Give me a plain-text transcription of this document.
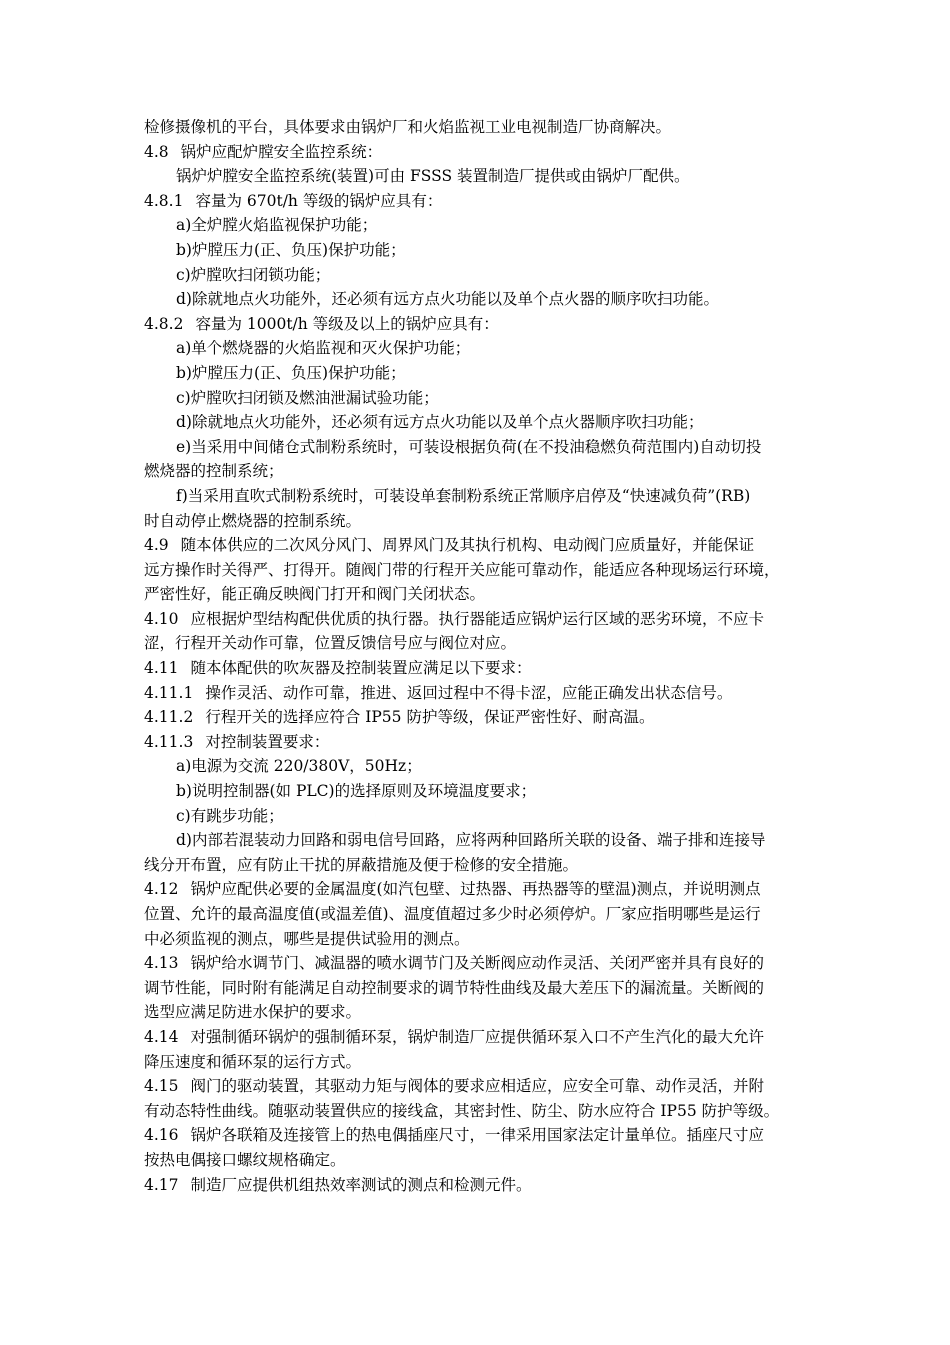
检修摄像机的平台，具体要求由锅炉厂和火焰监视工业电视制造厂协商解决。
4.8 锅炉应配炉膛安全监控系统：
锅炉炉膛安全监控系统(装置)可由 FSSS 装置制造厂提供或由锅炉厂配供。
4.8.1 容量为 670t/h 等级的锅炉应具有：
a)全炉膛火焰监视保护功能；
b)炉膛压力(正、负压)保护功能；
c)炉膛吹扫闭锁功能；
d)除就地点火功能外，还必须有远方点火功能以及单个点火器的顺序吹扫功能。
4.8.2 容量为 1000t/h 等级及以上的锅炉应具有：
a)单个燃烧器的火焰监视和灭火保护功能；
b)炉膛压力(正、负压)保护功能；
c)炉膛吹扫闭锁及燃油泄漏试验功能；
d)除就地点火功能外，还必须有远方点火功能以及单个点火器顺序吹扫功能；
e)当采用中间储仓式制粉系统时，可装设根据负荷(在不投油稳燃负荷范围内)自动切投
燃烧器的控制系统；
f)当采用直吹式制粉系统时，可装设单套制粉系统正常顺序启停及“快速减负荷”(RB)
时自动停止燃烧器的控制系统。
4.9 随本体供应的二次风分风门、周界风门及其执行机构、电动阀门应质量好，并能保证
远方操作时关得严、打得开。随阀门带的行程开关应能可靠动作，能适应各种现场运行环境，
严密性好，能正确反映阀门打开和阀门关闭状态。
4.10 应根据炉型结构配供优质的执行器。执行器能适应锅炉运行区域的恶劣环境，不应卡
涩，行程开关动作可靠，位置反馈信号应与阀位对应。
4.11 随本体配供的吹灰器及控制装置应满足以下要求：
4.11.1 操作灵活、动作可靠，推进、返回过程中不得卡涩，应能正确发出状态信号。
4.11.2 行程开关的选择应符合 IP55 防护等级，保证严密性好、耐高温。
4.11.3 对控制装置要求：
a)电源为交流 220/380V，50Hz；
b)说明控制器(如 PLC)的选择原则及环境温度要求；
c)有跳步功能；
d)内部若混装动力回路和弱电信号回路，应将两种回路所关联的设备、端子排和连接导
线分开布置，应有防止干扰的屏蔽措施及便于检修的安全措施。
4.12 锅炉应配供必要的金属温度(如汽包壁、过热器、再热器等的壁温)测点，并说明测点
位置、允许的最高温度值(或温差值)、温度值超过多少时必须停炉。厂家应指明哪些是运行
中必须监视的测点，哪些是提供试验用的测点。
4.13 锅炉给水调节门、减温器的喷水调节门及关断阀应动作灵活、关闭严密并具有良好的
调节性能，同时附有能满足自动控制要求的调节特性曲线及最大差压下的漏流量。关断阀的
选型应满足防进水保护的要求。
4.14 对强制循环锅炉的强制循环泵，锅炉制造厂应提供循环泵入口不产生汽化的最大允许
降压速度和循环泵的运行方式。
4.15 阀门的驱动装置，其驱动力矩与阀体的要求应相适应，应安全可靠、动作灵活，并附
有动态特性曲线。随驱动装置供应的接线盒，其密封性、防尘、防水应符合 IP55 防护等级。
4.16 锅炉各联箱及连接管上的热电偶插座尺寸，一律采用国家法定计量单位。插座尺寸应
按热电偶接口螺纹规格确定。
4.17 制造厂应提供机组热效率测试的测点和检测元件。
